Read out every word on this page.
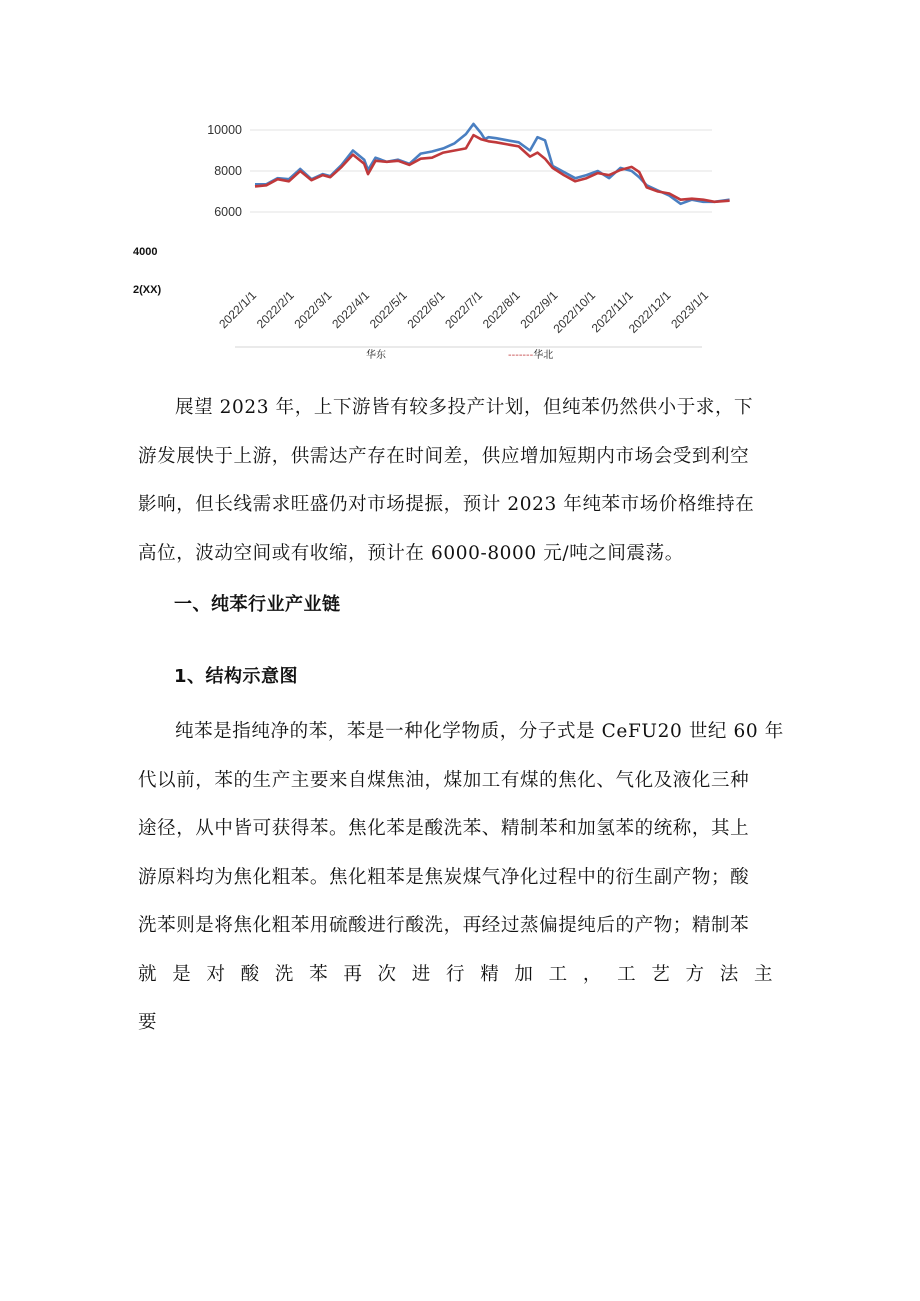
10000
8000
6000
2022/1/1
2022/2/1
2022/3/1
2022/4/1
2022/5/1
2022/6/1
2022/7/1
2022/8/1
2022/9/1
2022/10/1
2022/11/1
2022/12/1
2023/1/1
华东	-------华北
4000
2(XX)
展望 2023 年，上下游皆有较多投产计划，但纯苯仍然供小于求，下
游发展快于上游，供需达产存在时间差，供应增加短期内市场会受到利空
影响，但长线需求旺盛仍对市场提振，预计 2023 年纯苯市场价格维持在
高位，波动空间或有收缩，预计在 6000-8000 元/吨之间震荡。
一、纯苯行业产业链
1、结构示意图
纯苯是指纯净的苯，苯是一种化学物质，分子式是 CeFU20 世纪 60 年
代以前，苯的生产主要来自煤焦油，煤加工有煤的焦化、气化及液化三种
途径，从中皆可获得苯。焦化苯是酸洗苯、精制苯和加氢苯的统称，其上
游原料均为焦化粗苯。焦化粗苯是焦炭煤气净化过程中的衍生副产物；酸
洗苯则是将焦化粗苯用硫酸进行酸洗，再经过蒸偏提纯后的产物；精制苯
就是对酸洗苯再次进行精加工，工艺方法主要
